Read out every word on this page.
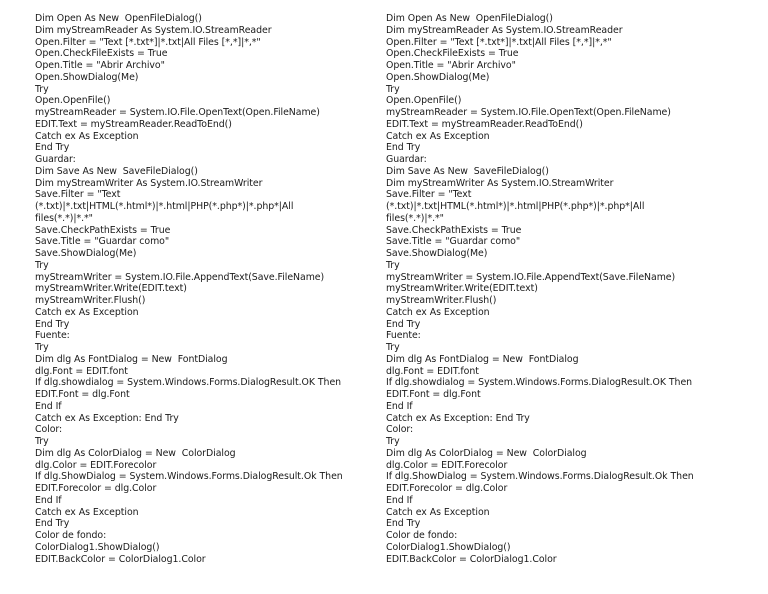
Dim Open As New  OpenFileDialog()
Dim myStreamReader As System.IO.StreamReader
Open.Filter = "Text [*.txt*]|*.txt|All Files [*,*]|*,*"
Open.CheckFileExists = True
Open.Title = "Abrir Archivo"
Open.ShowDialog(Me)
Try
Open.OpenFile()
myStreamReader = System.IO.File.OpenText(Open.FileName)
EDIT.Text = myStreamReader.ReadToEnd()
Catch ex As Exception
End Try
Guardar:
Dim Save As New  SaveFileDialog()
Dim myStreamWriter As System.IO.StreamWriter
Save.Filter = "Text
(*.txt)|*.txt|HTML(*.html*)|*.html|PHP(*.php*)|*.php*|All
files(*.*)|*.*"
Save.CheckPathExists = True
Save.Title = "Guardar como"
Save.ShowDialog(Me)
Try
myStreamWriter = System.IO.File.AppendText(Save.FileName)
myStreamWriter.Write(EDIT.text)
myStreamWriter.Flush()
Catch ex As Exception
End Try
Fuente:
Try
Dim dlg As FontDialog = New  FontDialog
dlg.Font = EDIT.font
If dlg.showdialog = System.Windows.Forms.DialogResult.OK Then
EDIT.Font = dlg.Font
End If
Catch ex As Exception: End Try
Color:
Try
Dim dlg As ColorDialog = New  ColorDialog
dlg.Color = EDIT.Forecolor
If dlg.ShowDialog = System.Windows.Forms.DialogResult.Ok Then
EDIT.Forecolor = dlg.Color
End If
Catch ex As Exception
End Try
Color de fondo:
ColorDialog1.ShowDialog()
EDIT.BackColor = ColorDialog1.Color
Dim Open As New  OpenFileDialog()
Dim myStreamReader As System.IO.StreamReader
Open.Filter = "Text [*.txt*]|*.txt|All Files [*,*]|*,*"
Open.CheckFileExists = True
Open.Title = "Abrir Archivo"
Open.ShowDialog(Me)
Try
Open.OpenFile()
myStreamReader = System.IO.File.OpenText(Open.FileName)
EDIT.Text = myStreamReader.ReadToEnd()
Catch ex As Exception
End Try
Guardar:
Dim Save As New  SaveFileDialog()
Dim myStreamWriter As System.IO.StreamWriter
Save.Filter = "Text
(*.txt)|*.txt|HTML(*.html*)|*.html|PHP(*.php*)|*.php*|All
files(*.*)|*.*"
Save.CheckPathExists = True
Save.Title = "Guardar como"
Save.ShowDialog(Me)
Try
myStreamWriter = System.IO.File.AppendText(Save.FileName)
myStreamWriter.Write(EDIT.text)
myStreamWriter.Flush()
Catch ex As Exception
End Try
Fuente:
Try
Dim dlg As FontDialog = New  FontDialog
dlg.Font = EDIT.font
If dlg.showdialog = System.Windows.Forms.DialogResult.OK Then
EDIT.Font = dlg.Font
End If
Catch ex As Exception: End Try
Color:
Try
Dim dlg As ColorDialog = New  ColorDialog
dlg.Color = EDIT.Forecolor
If dlg.ShowDialog = System.Windows.Forms.DialogResult.Ok Then
EDIT.Forecolor = dlg.Color
End If
Catch ex As Exception
End Try
Color de fondo:
ColorDialog1.ShowDialog()
EDIT.BackColor = ColorDialog1.Color
